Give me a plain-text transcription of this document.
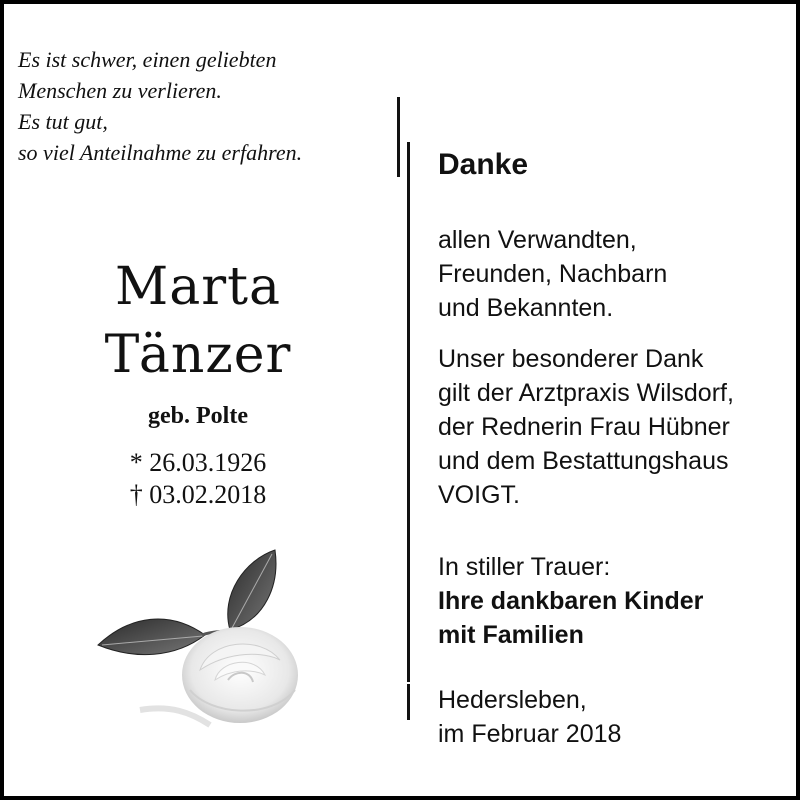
Es ist schwer, einen geliebten
Menschen zu verlieren.
Es tut gut,
so viel Anteilnahme zu erfahren.
Marta
Tänzer
geb. Polte
* 26.03.1926
† 03.02.2018
Danke
allen Verwandten,
Freunden, Nachbarn
und Bekannten.
Unser besonderer Dank
gilt der Arztpraxis Wilsdorf,
der Rednerin Frau Hübner
und dem Bestattungshaus
VOIGT.
In stiller Trauer:
Ihre dankbaren Kinder
mit Familien
Hedersleben,
im Februar 2018
